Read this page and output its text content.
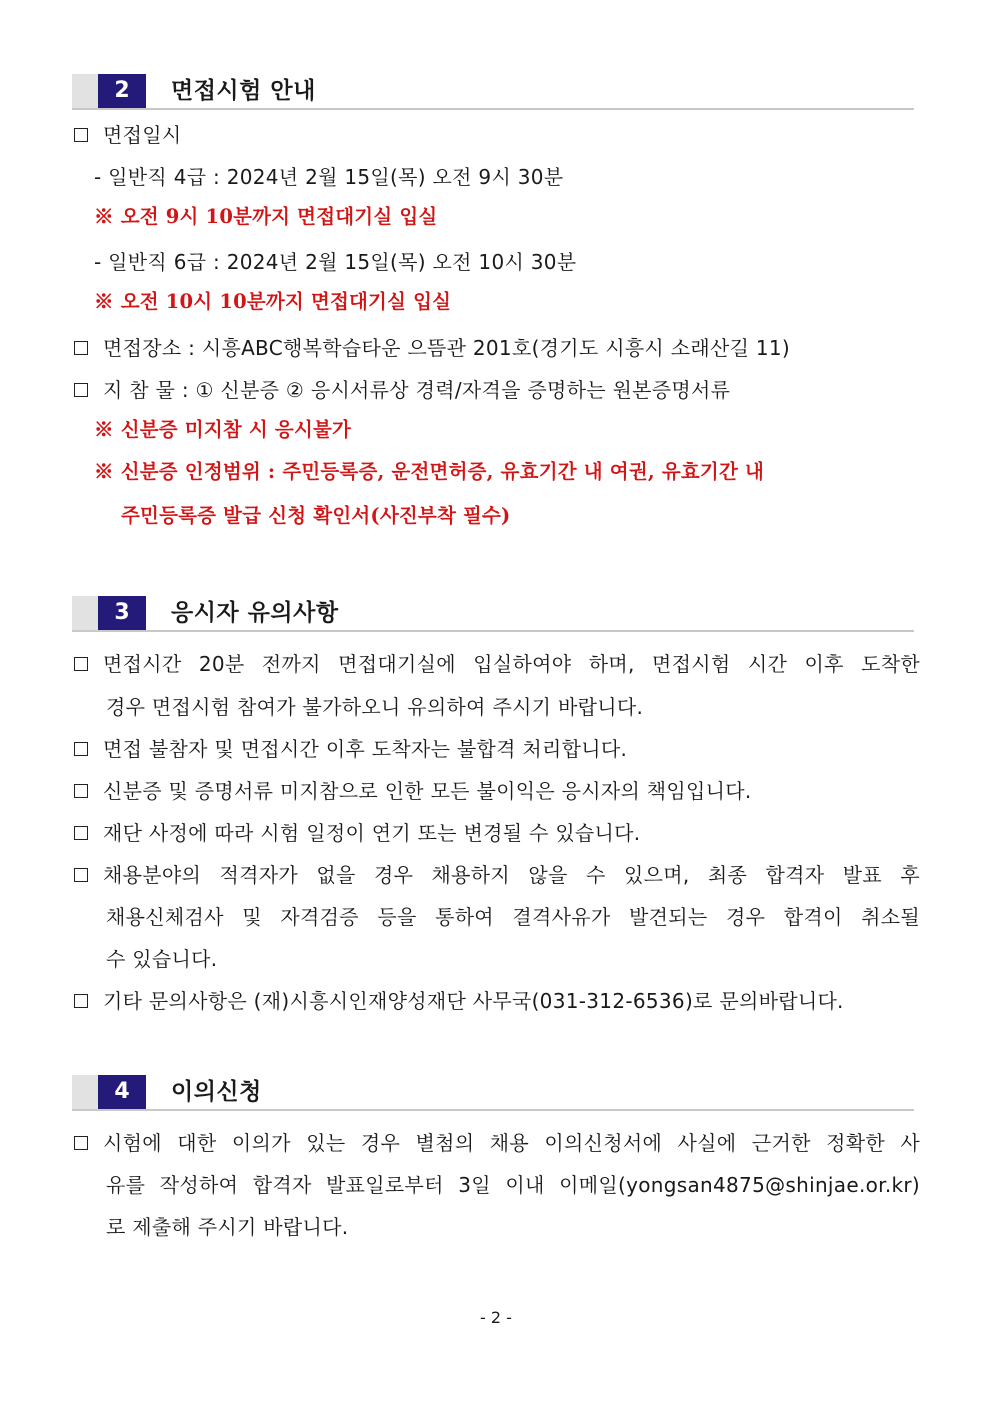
2	면접시험 안내
면접일시
- 일반직 4급 : 2024년 2월 15일(목) 오전 9시 30분
※ 오전 9시 10분까지 면접대기실 입실
- 일반직 6급 : 2024년 2월 15일(목) 오전 10시 30분
※ 오전 10시 10분까지 면접대기실 입실
면접장소 : 시흥ABC행복학습타운 으뜸관 201호(경기도 시흥시 소래산길 11)
지 참 물 : ① 신분증 ② 응시서류상 경력/자격을 증명하는 원본증명서류
※ 신분증 미지참 시 응시불가
※ 신분증 인정범위 : 주민등록증, 운전면허증, 유효기간 내 여권, 유효기간 내
주민등록증 발급 신청 확인서(사진부착 필수)
3	응시자 유의사항
면접시간 20분 전까지 면접대기실에 입실하여야 하며, 면접시험 시간 이후 도착한
경우 면접시험 참여가 불가하오니 유의하여 주시기 바랍니다.
면접 불참자 및 면접시간 이후 도착자는 불합격 처리합니다.
신분증 및 증명서류 미지참으로 인한 모든 불이익은 응시자의 책임입니다.
재단 사정에 따라 시험 일정이 연기 또는 변경될 수 있습니다.
채용분야의 적격자가 없을 경우 채용하지 않을 수 있으며, 최종 합격자 발표 후
채용신체검사 및 자격검증 등을 통하여 결격사유가 발견되는 경우 합격이 취소될
수 있습니다.
기타 문의사항은 (재)시흥시인재양성재단 사무국(031-312-6536)로 문의바랍니다.
4	이의신청
시험에 대한 이의가 있는 경우 별첨의 채용 이의신청서에 사실에 근거한 정확한 사
유를 작성하여 합격자 발표일로부터 3일 이내 이메일(yongsan4875@shinjae.or.kr)
로 제출해 주시기 바랍니다.
- 2 -
